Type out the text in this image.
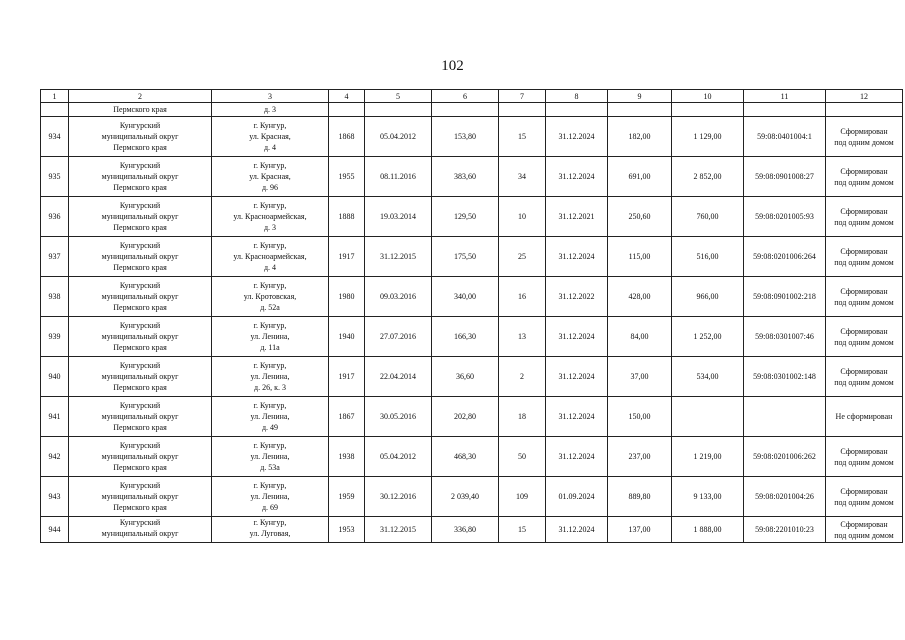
102
1	2	3	4	5	6	7	8	9	10	11	12
	Пермского края	д. 3									
934	Кунгурский
муниципальный округ
Пермского края	г. Кунгур,
ул. Красная,
д. 4	1868	05.04.2012	153,80	15	31.12.2024	182,00	1 129,00	59:08:0401004:1	Сформирован
под одним домом

935	Кунгурский
муниципальный округ
Пермского края	г. Кунгур,
ул. Красная,
д. 96	1955	08.11.2016	383,60	34	31.12.2024	691,00	2 852,00	59:08:0901008:27	Сформирован
под одним домом

936	Кунгурский
муниципальный округ
Пермского края	г. Кунгур,
ул. Красноармейская,
д. 3	1888	19.03.2014	129,50	10	31.12.2021	250,60	760,00	59:08:0201005:93	Сформирован
под одним домом

937	Кунгурский
муниципальный округ
Пермского края	г. Кунгур,
ул. Красноармейская,
д. 4	1917	31.12.2015	175,50	25	31.12.2024	115,00	516,00	59:08:0201006:264	Сформирован
под одним домом

938	Кунгурский
муниципальный округ
Пермского края	г. Кунгур,
ул. Кротовская,
д. 52а	1980	09.03.2016	340,00	16	31.12.2022	428,00	966,00	59:08:0901002:218	Сформирован
под одним домом

939	Кунгурский
муниципальный округ
Пермского края	г. Кунгур,
ул. Ленина,
д. 11а	1940	27.07.2016	166,30	13	31.12.2024	84,00	1 252,00	59:08:0301007:46	Сформирован
под одним домом

940	Кунгурский
муниципальный округ
Пермского края	г. Кунгур,
ул. Ленина,
д. 26, к. 3	1917	22.04.2014	36,60	2	31.12.2024	37,00	534,00	59:08:0301002:148	Сформирован
под одним домом

941	Кунгурский
муниципальный округ
Пермского края	г. Кунгур,
ул. Ленина,
д. 49	1867	30.05.2016	202,80	18	31.12.2024	150,00			Не сформирован

942	Кунгурский
муниципальный округ
Пермского края	г. Кунгур,
ул. Ленина,
д. 53а	1938	05.04.2012	468,30	50	31.12.2024	237,00	1 219,00	59:08:0201006:262	Сформирован
под одним домом

943	Кунгурский
муниципальный округ
Пермского края	г. Кунгур,
ул. Ленина,
д. 69	1959	30.12.2016	2 039,40	109	01.09.2024	889,80	9 133,00	59:08:0201004:26	Сформирован
под одним домом

944	Кунгурский
муниципальный округ	г. Кунгур,
ул. Луговая,	1953	31.12.2015	336,80	15	31.12.2024	137,00	1 888,00	59:08:2201010:23	Сформирован
под одним домом
